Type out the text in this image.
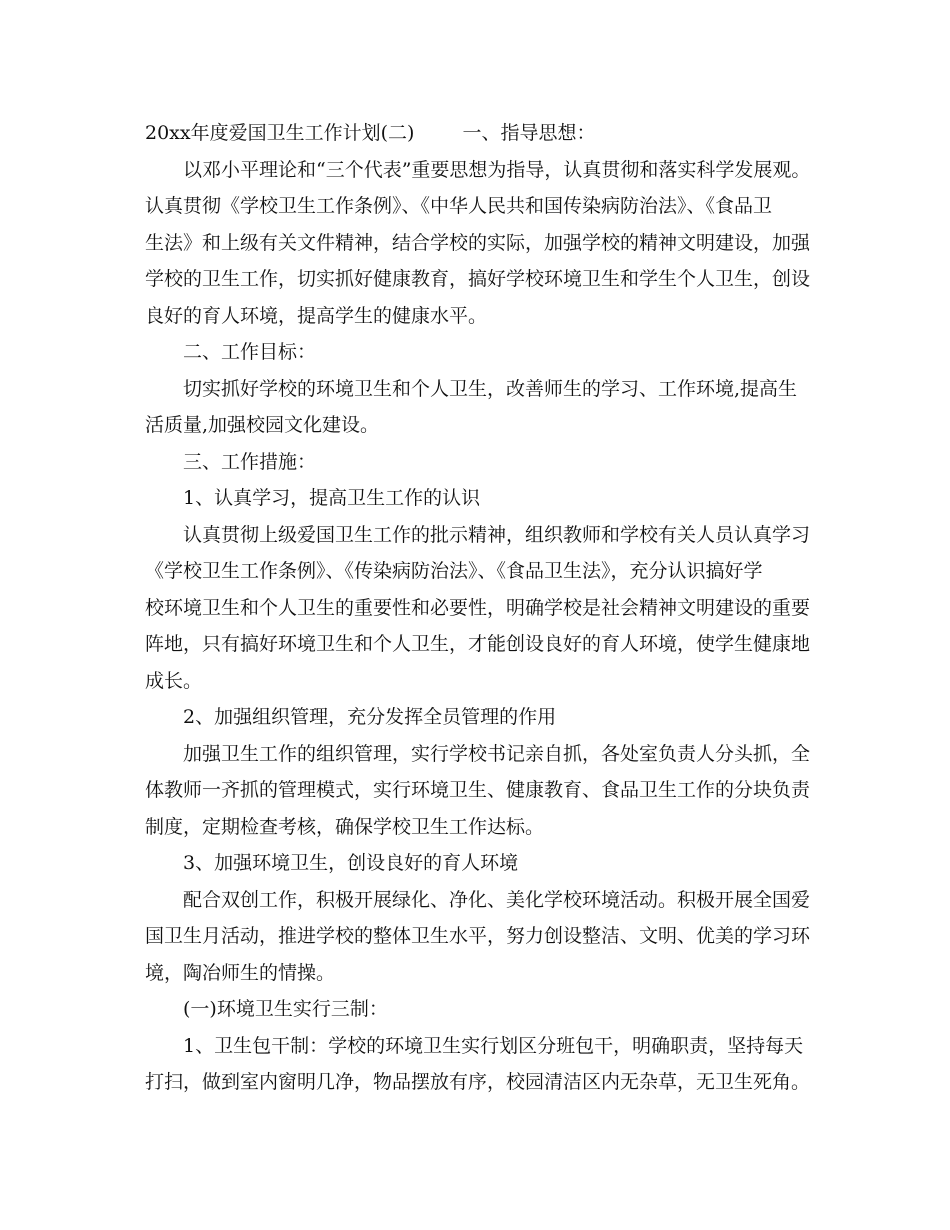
20xx年度爱国卫生工作计划(二)	一、指导思想：
以邓小平理论和“三个代表”重要思想为指导，认真贯彻和落实科学发展观。
认真贯彻《学校卫生工作条例》、《中华人民共和国传染病防治法》、《食品卫
生法》和上级有关文件精神，结合学校的实际，加强学校的精神文明建设，加强
学校的卫生工作，切实抓好健康教育，搞好学校环境卫生和学生个人卫生，创设
良好的育人环境，提高学生的健康水平。
二、工作目标：
切实抓好学校的环境卫生和个人卫生，改善师生的学习、工作环境,提高生
活质量,加强校园文化建设。
三、工作措施：
1、认真学习，提高卫生工作的认识
认真贯彻上级爱国卫生工作的批示精神，组织教师和学校有关人员认真学习
《学校卫生工作条例》、《传染病防治法》、《食品卫生法》，充分认识搞好学
校环境卫生和个人卫生的重要性和必要性，明确学校是社会精神文明建设的重要
阵地，只有搞好环境卫生和个人卫生，才能创设良好的育人环境，使学生健康地
成长。
2、加强组织管理，充分发挥全员管理的作用
加强卫生工作的组织管理，实行学校书记亲自抓，各处室负责人分头抓，全
体教师一齐抓的管理模式，实行环境卫生、健康教育、食品卫生工作的分块负责
制度，定期检查考核，确保学校卫生工作达标。
3、加强环境卫生，创设良好的育人环境
配合双创工作，积极开展绿化、净化、美化学校环境活动。积极开展全国爱
国卫生月活动，推进学校的整体卫生水平，努力创设整洁、文明、优美的学习环
境，陶冶师生的情操。
(一)环境卫生实行三制：
1、卫生包干制：学校的环境卫生实行划区分班包干，明确职责，坚持每天
打扫，做到室内窗明几净，物品摆放有序，校园清洁区内无杂草，无卫生死角。
